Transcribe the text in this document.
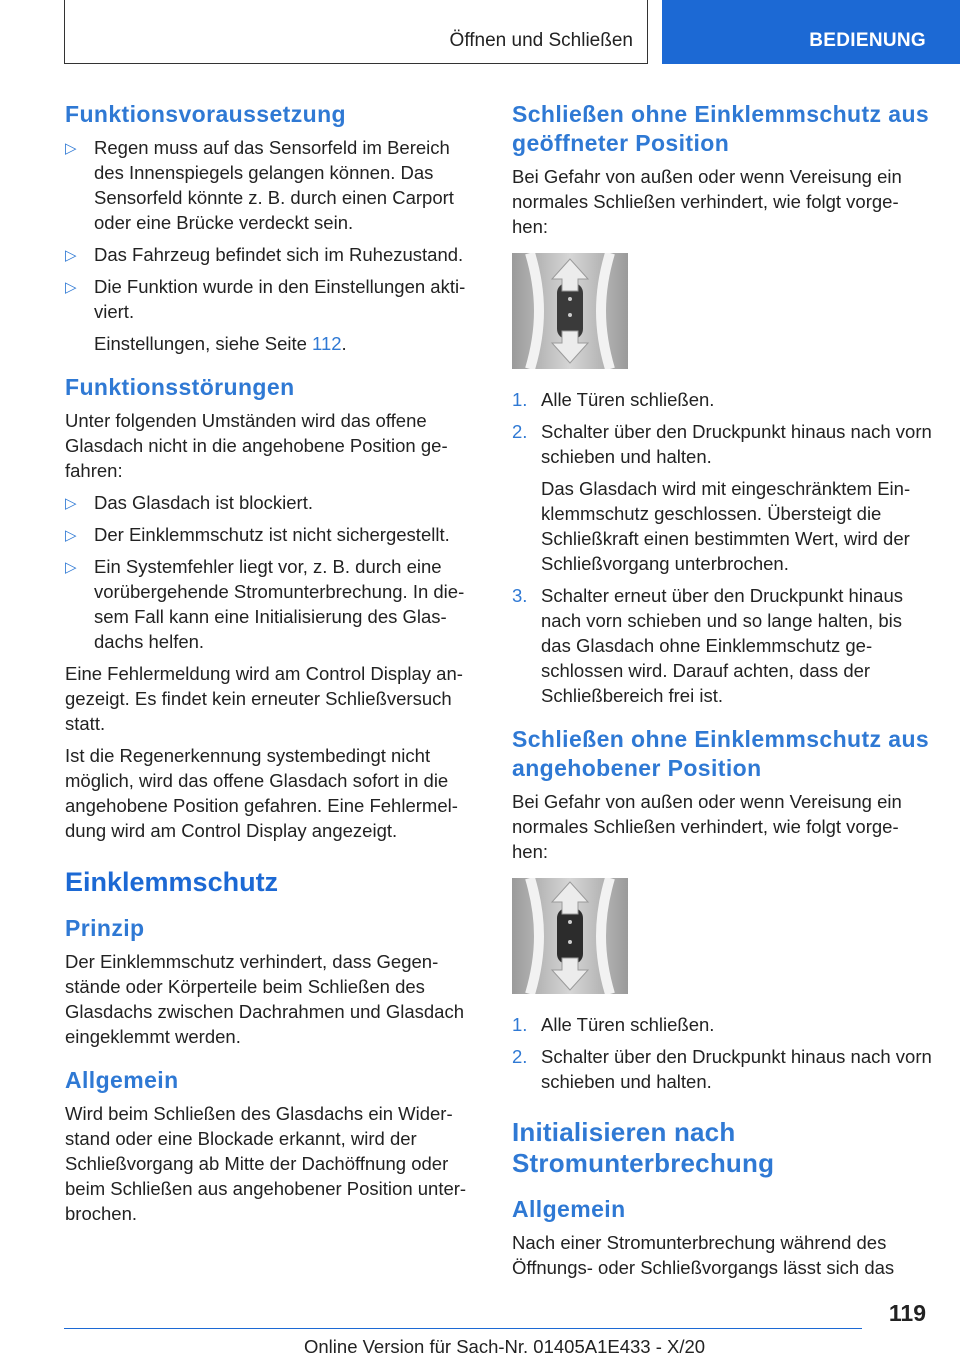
Öffnen und Schließen	BEDIENUNG
Funktionsvoraussetzung
▷ Regen muss auf das Sensorfeld im Bereich des Innenspiegels gelangen können. Das Sensorfeld könnte z. B. durch einen Carport oder eine Brücke verdeckt sein.
▷ Das Fahrzeug befindet sich im Ruhezustand.
▷ Die Funktion wurde in den Einstellungen akti‐viert.
Einstellungen, siehe Seite 112.
Funktionsstörungen
Unter folgenden Umständen wird das offene Glasdach nicht in die angehobene Position ge‐fahren:
▷ Das Glasdach ist blockiert.
▷ Der Einklemmschutz ist nicht sichergestellt.
▷ Ein Systemfehler liegt vor, z. B. durch eine vorübergehende Stromunterbrechung. In die‐sem Fall kann eine Initialisierung des Glas‐dachs helfen.
Eine Fehlermeldung wird am Control Display an‐gezeigt. Es findet kein erneuter Schließversuch statt.
Ist die Regenerkennung systembedingt nicht möglich, wird das offene Glasdach sofort in die angehobene Position gefahren. Eine Fehlermel‐dung wird am Control Display angezeigt.
Einklemmschutz
Prinzip
Der Einklemmschutz verhindert, dass Gegen‐stände oder Körperteile beim Schließen des Glasdachs zwischen Dachrahmen und Glasdach eingeklemmt werden.
Allgemein
Wird beim Schließen des Glasdachs ein Wider‐stand oder eine Blockade erkannt, wird der Schließvorgang ab Mitte der Dachöffnung oder beim Schließen aus angehobener Position unter‐brochen.
Schließen ohne Einklemmschutz aus geöffneter Position
Bei Gefahr von außen oder wenn Vereisung ein normales Schließen verhindert, wie folgt vorge‐hen:
1. Alle Türen schließen.
2. Schalter über den Druckpunkt hinaus nach vorn schieben und halten.
Das Glasdach wird mit eingeschränktem Ein‐klemmschutz geschlossen. Übersteigt die Schließkraft einen bestimmten Wert, wird der Schließvorgang unterbrochen.
3. Schalter erneut über den Druckpunkt hinaus nach vorn schieben und so lange halten, bis das Glasdach ohne Einklemmschutz ge‐schlossen wird. Darauf achten, dass der Schließbereich frei ist.
Schließen ohne Einklemmschutz aus angehobener Position
Bei Gefahr von außen oder wenn Vereisung ein normales Schließen verhindert, wie folgt vorge‐hen:
1. Alle Türen schließen.
2. Schalter über den Druckpunkt hinaus nach vorn schieben und halten.
Initialisieren nach Stromunterbrechung
Allgemein
Nach einer Stromunterbrechung während des Öffnungs- oder Schließvorgangs lässt sich das
119
Online Version für Sach-Nr. 01405A1E433 - X/20
